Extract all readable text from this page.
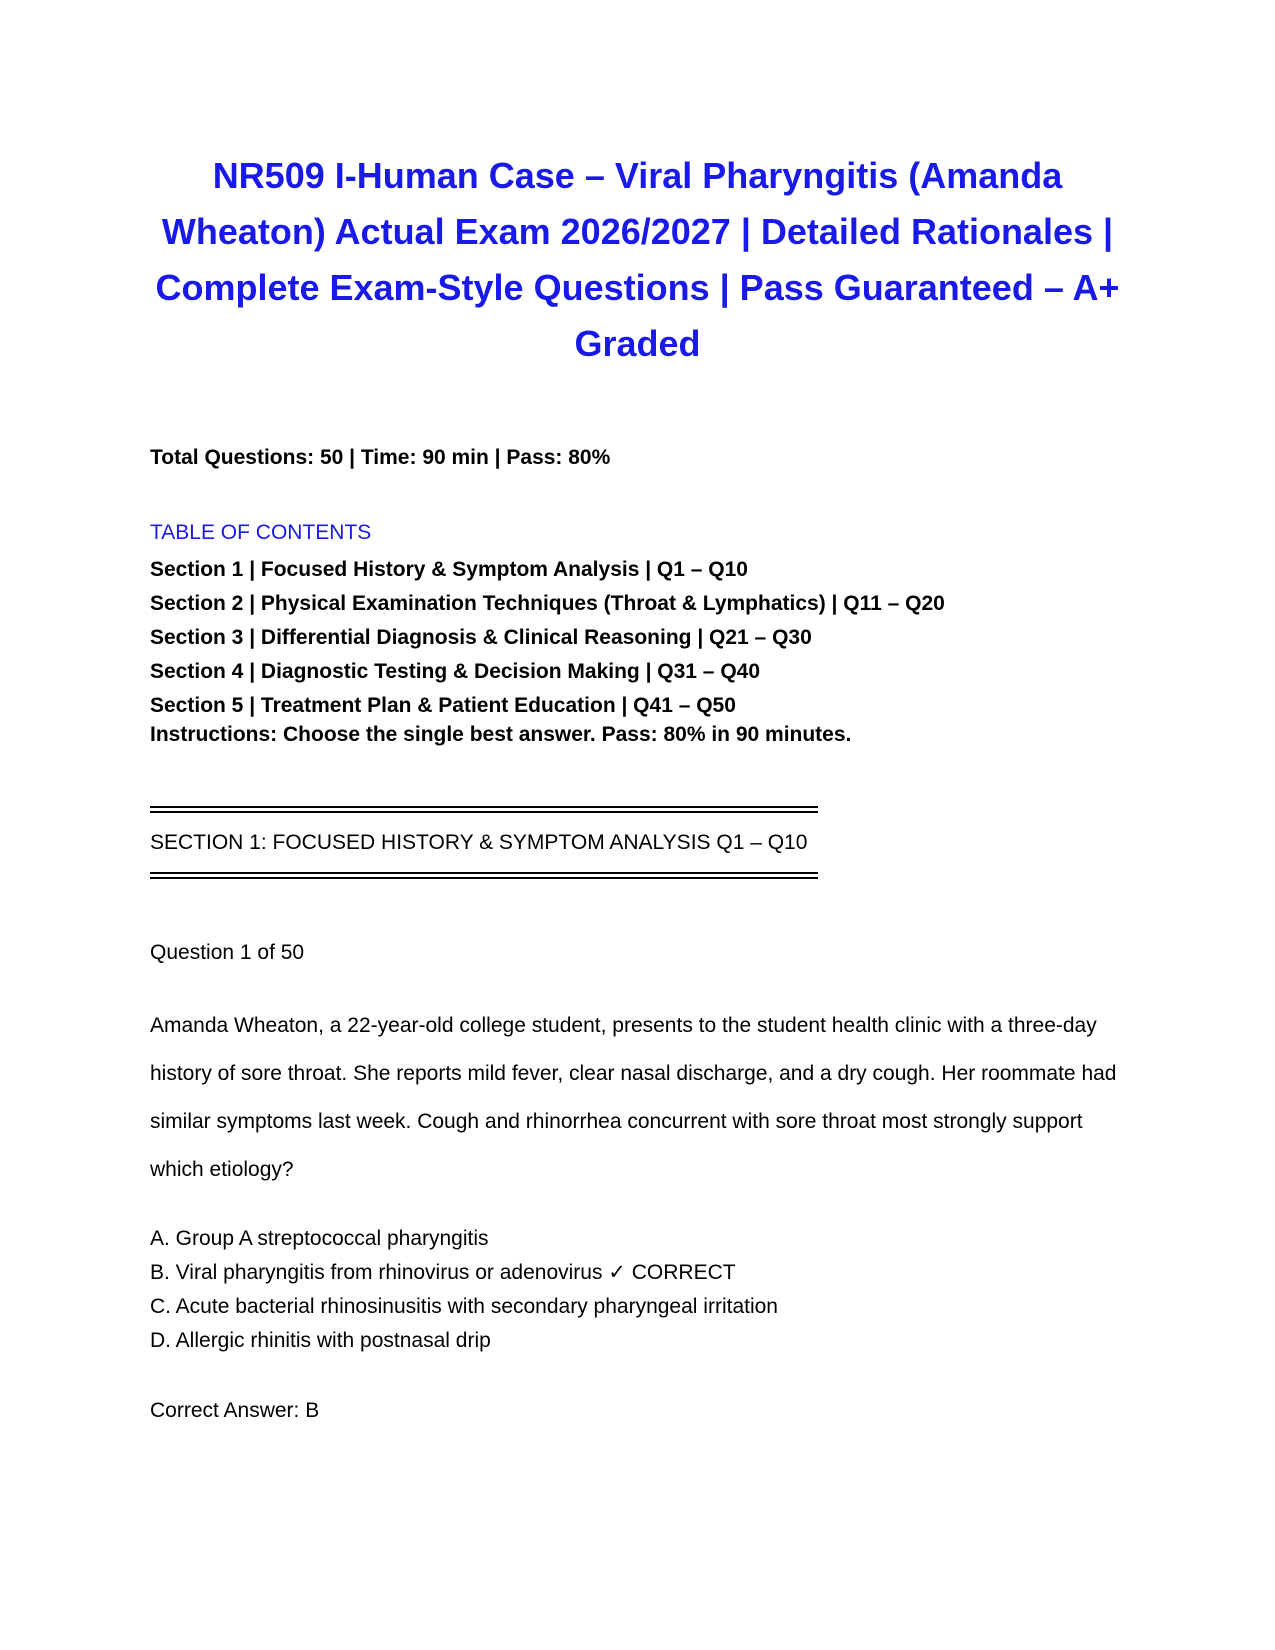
NR509 I-Human Case – Viral Pharyngitis (Amanda Wheaton) Actual Exam 2026/2027 | Detailed Rationales | Complete Exam-Style Questions | Pass Guaranteed – A+ Graded

Total Questions: 50 | Time: 90 min | Pass: 80%

TABLE OF CONTENTS

Section 1 | Focused History & Symptom Analysis | Q1 – Q10
Section 2 | Physical Examination Techniques (Throat & Lymphatics) | Q11 – Q20
Section 3 | Differential Diagnosis & Clinical Reasoning | Q21 – Q30
Section 4 | Diagnostic Testing & Decision Making | Q31 – Q40
Section 5 | Treatment Plan & Patient Education | Q41 – Q50

Instructions: Choose the single best answer. Pass: 80% in 90 minutes.

SECTION 1: FOCUSED HISTORY & SYMPTOM ANALYSIS Q1 – Q10

Question 1 of 50

Amanda Wheaton, a 22-year-old college student, presents to the student health clinic with a three-day history of sore throat. She reports mild fever, clear nasal discharge, and a dry cough. Her roommate had similar symptoms last week. Cough and rhinorrhea concurrent with sore throat most strongly support which etiology?

A. Group A streptococcal pharyngitis
B. Viral pharyngitis from rhinovirus or adenovirus ✓ CORRECT
C. Acute bacterial rhinosinusitis with secondary pharyngeal irritation
D. Allergic rhinitis with postnasal drip

Correct Answer: B
